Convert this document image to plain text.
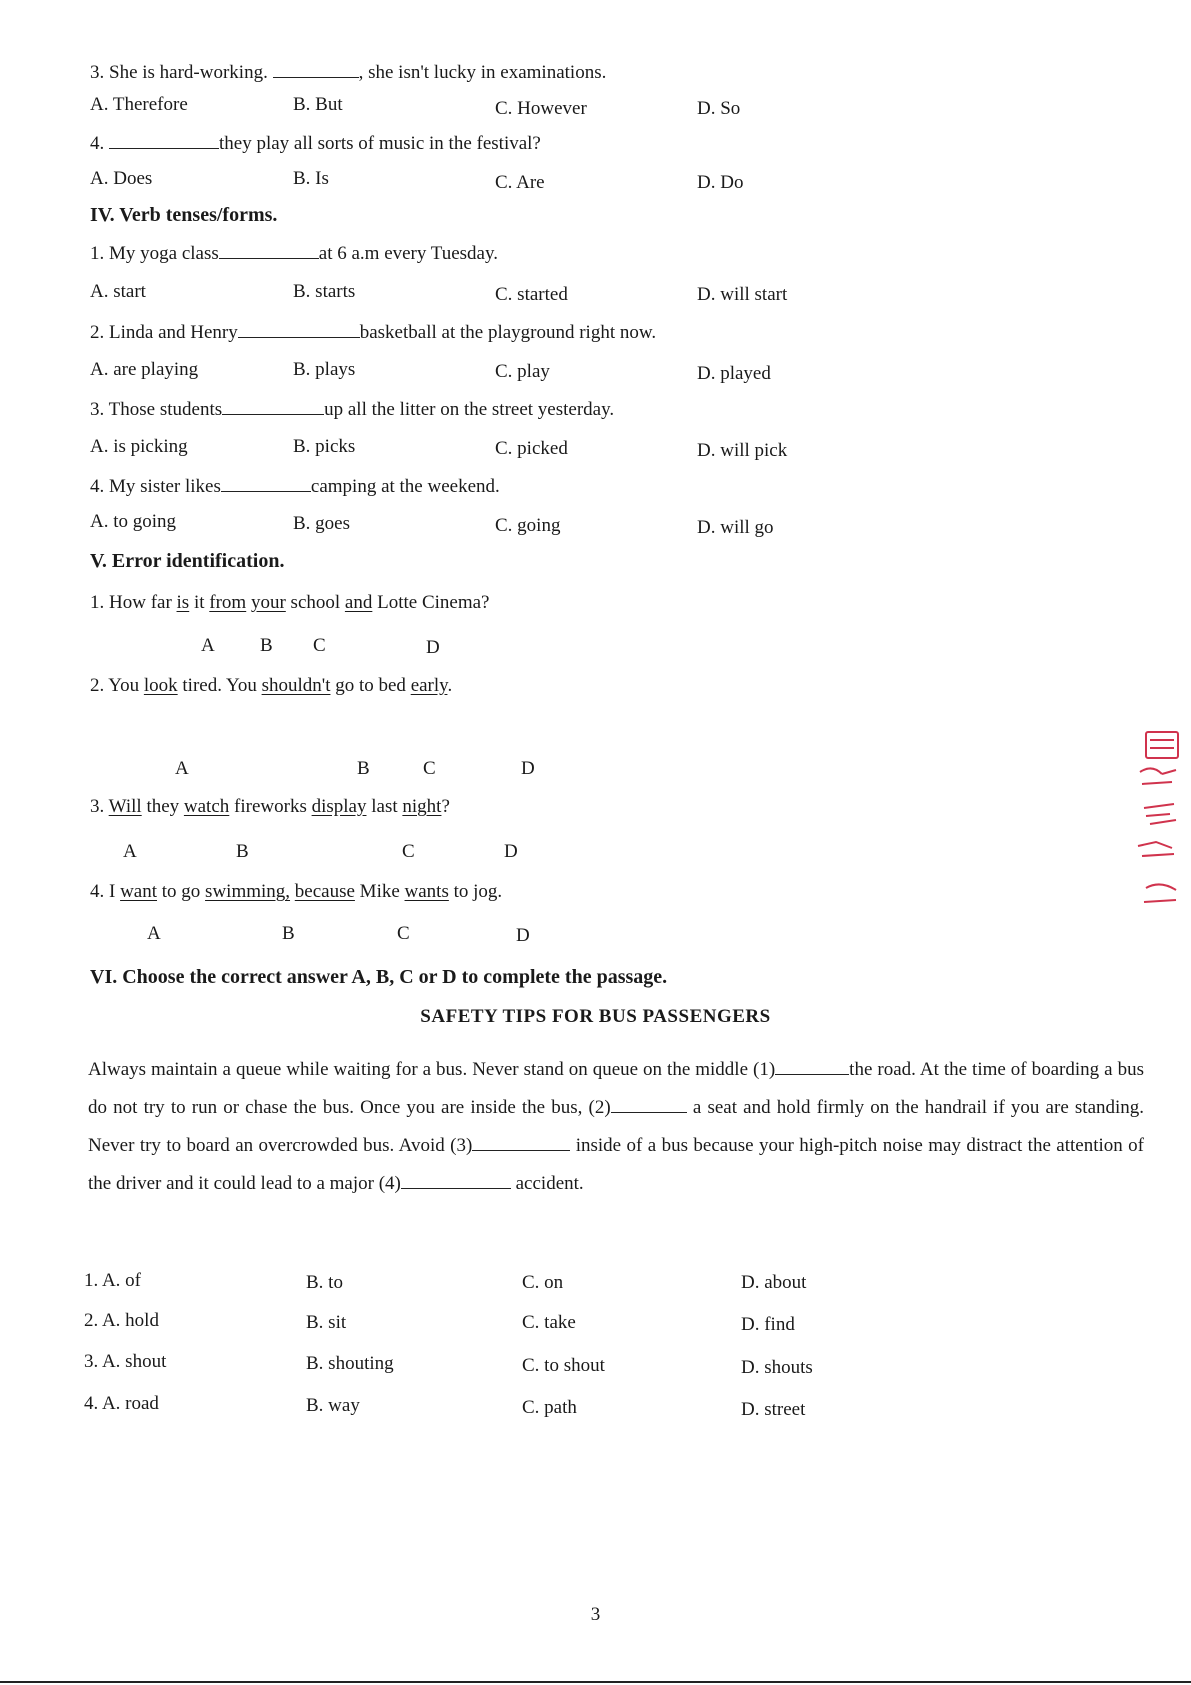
3. She is hard-working.	, she isn't lucky in examinations.
A. Therefore	B. But	C. However	D. So
4.	they play all sorts of music in the festival?
A. Does	B. Is	C. Are	D. Do
IV. Verb tenses/forms.
1. My yoga class	at 6 a.m every Tuesday.
A. start	B. starts	C. started	D. will start
2. Linda and Henry	basketball at the playground right now.
A. are playing	B. plays	C. play	D. played
3. Those students	up all the litter on the street yesterday.
A. is picking	B. picks	C. picked	D. will pick
4. My sister likes	camping at the weekend.
A. to going	B. goes	C. going	D. will go
V. Error identification.
1. How far is it from your school and Lotte Cinema?
A B C	D
2. You look tired. You shouldn't go to bed early.
A	B	C	D
3. Will they watch fireworks display last night?
A	B	C	D
4. I want to go swimming, because Mike wants to jog.
A	B	C	D
VI. Choose the correct answer A, B, C or D to complete the passage.
SAFETY TIPS FOR BUS PASSENGERS
Always maintain a queue while waiting for a bus. Never stand on queue on the middle (1)	the road. At the time of boarding a bus do not try to run or chase the bus. Once you are inside the bus, (2)	a seat and hold firmly on the handrail if you are standing. Never try to board an overcrowded bus. Avoid (3)	inside of a bus because your high-pitch noise may distract the attention of the driver and it could lead to a major (4)	accident.
1. A. of	B. to	C. on	D. about
2. A. hold	B. sit	C. take	D. find
3. A. shout	B. shouting	C. to shout	D. shouts
4. A. road	B. way	C. path	D. street
3
